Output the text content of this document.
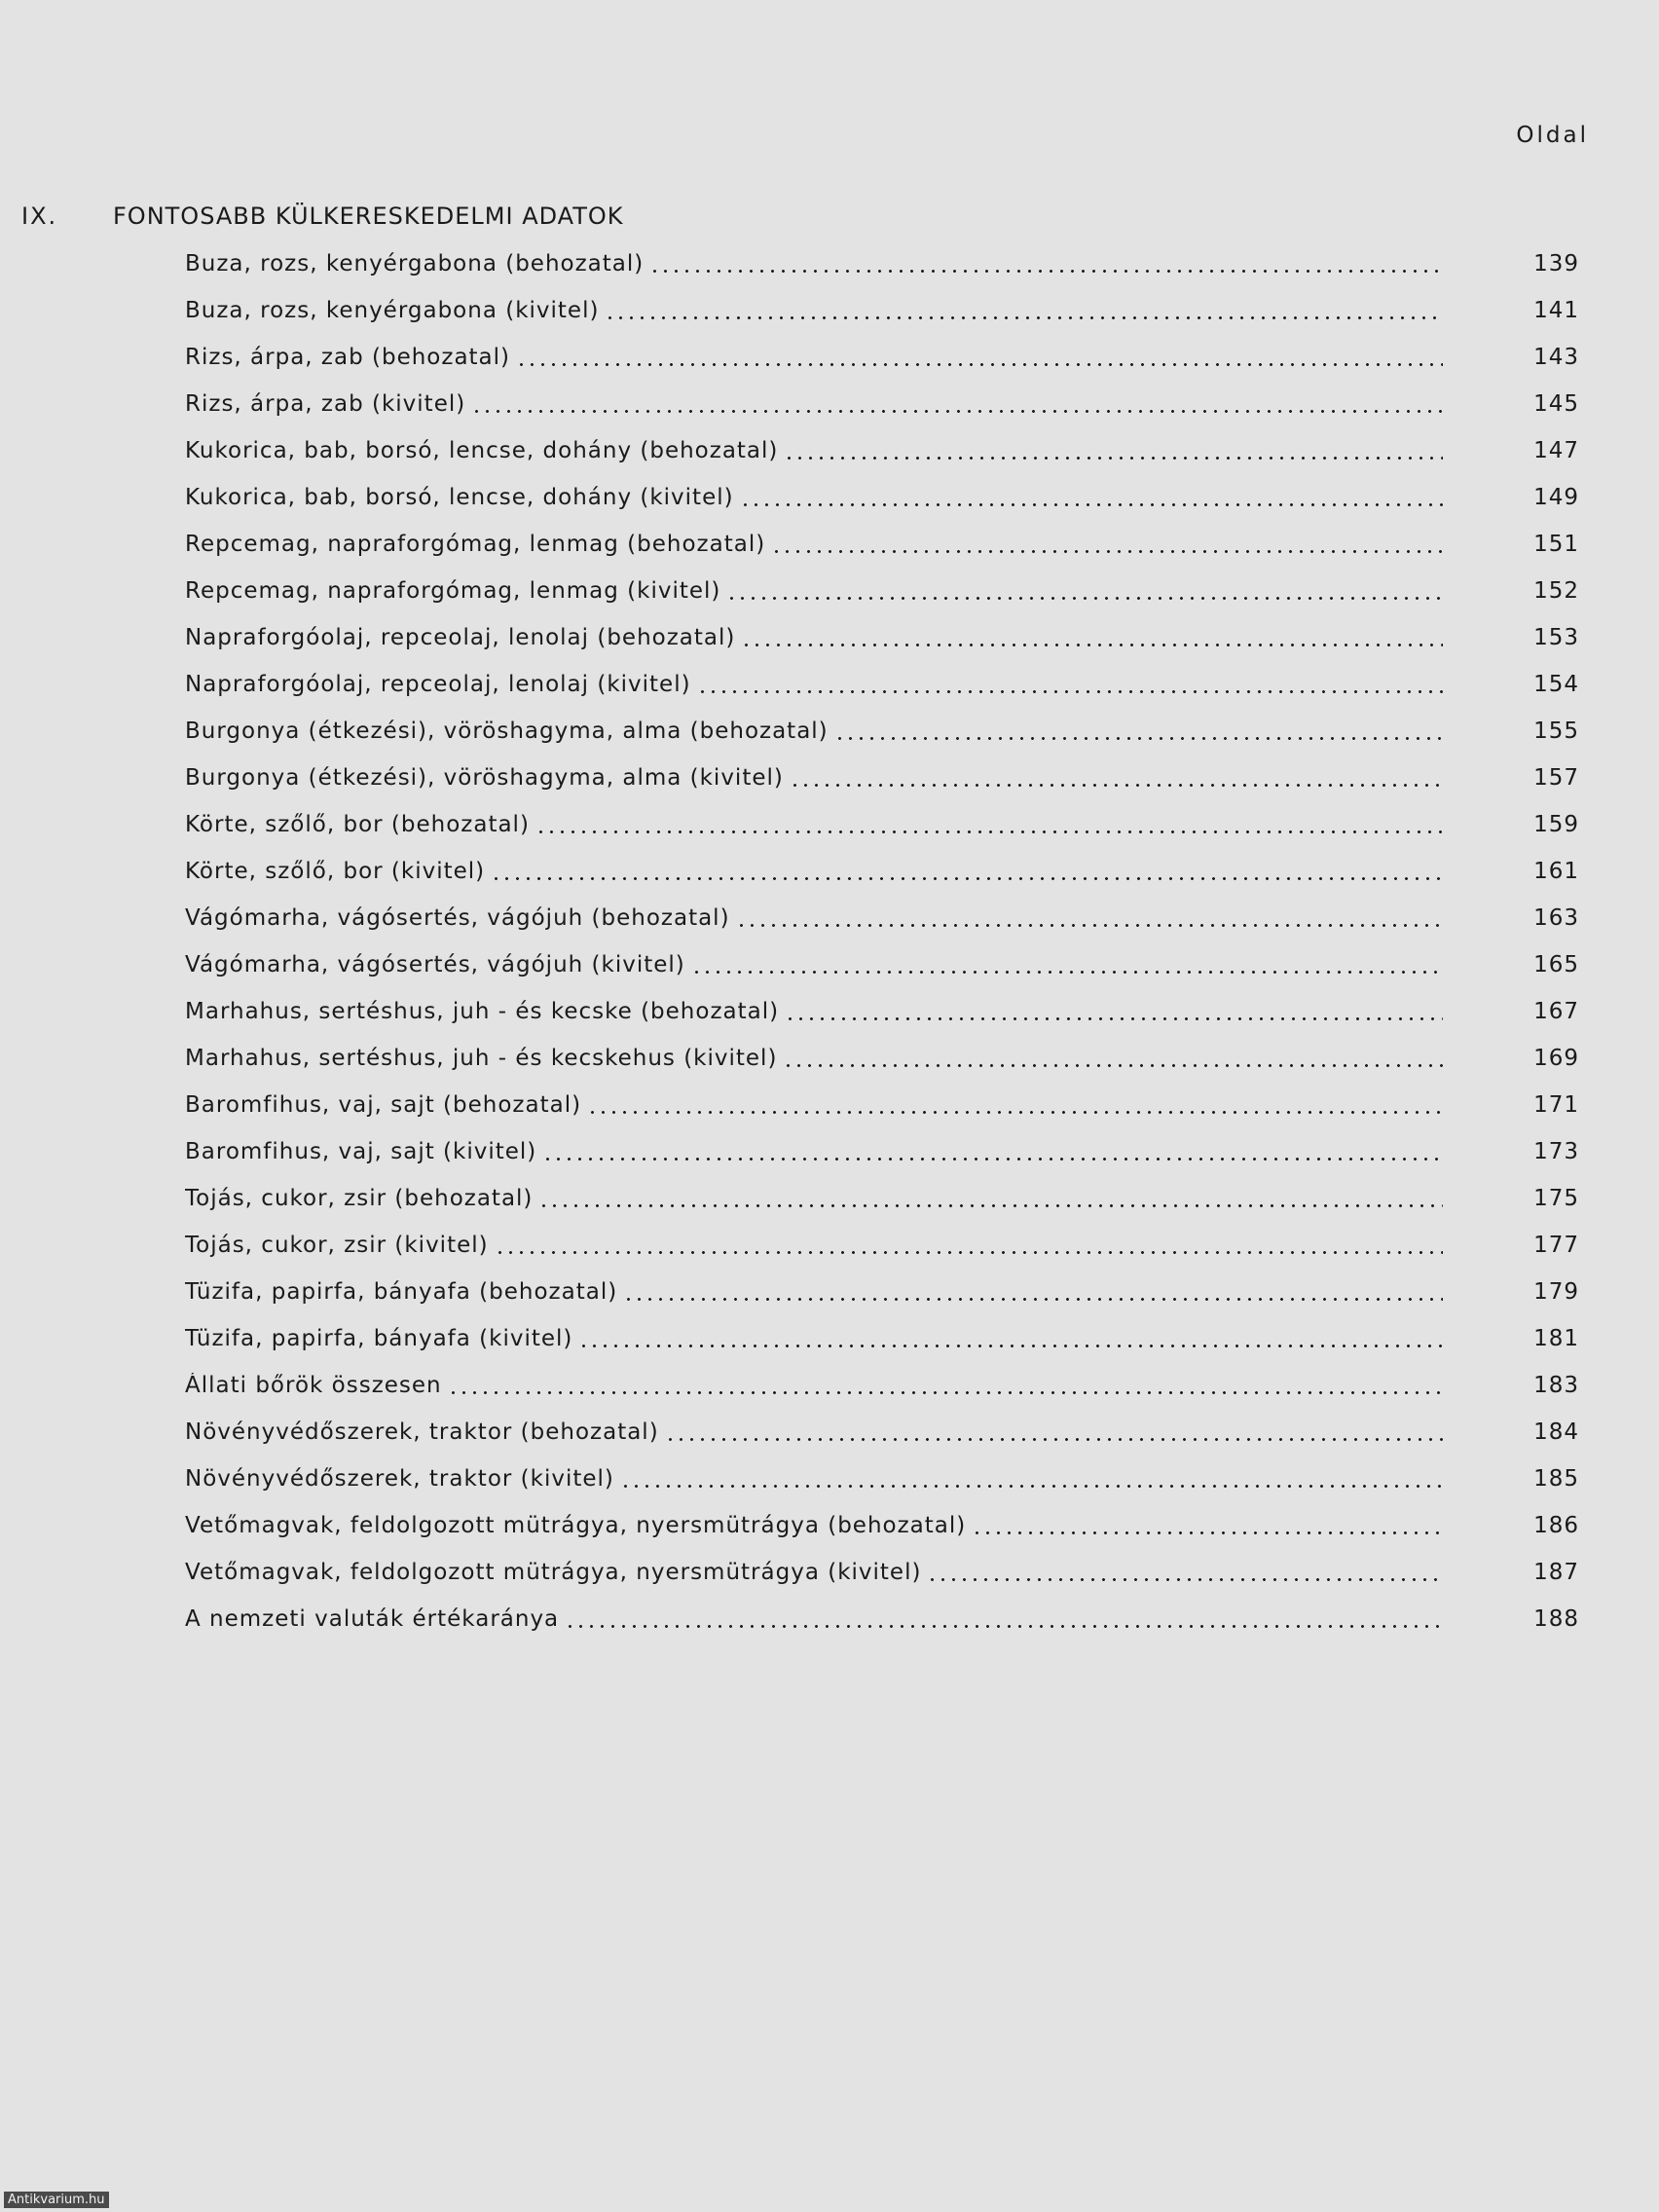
Oldal
IX. FONTOSABB KÜLKERESKEDELMI ADATOK
Buza, rozs, kenyérgabona (behozatal)	139
Buza, rozs, kenyérgabona (kivitel)	141
Rizs, árpa, zab (behozatal)	143
Rizs, árpa, zab (kivitel)	145
Kukorica, bab, borsó, lencse, dohány (behozatal)	147
Kukorica, bab, borsó, lencse, dohány (kivitel)	149
Repcemag, napraforgómag, lenmag (behozatal)	151
Repcemag, napraforgómag, lenmag (kivitel)	152
Napraforgóolaj, repceolaj, lenolaj (behozatal)	153
Napraforgóolaj, repceolaj, lenolaj (kivitel)	154
Burgonya (étkezési), vöröshagyma, alma (behozatal)	155
Burgonya (étkezési), vöröshagyma, alma (kivitel)	157
Körte, szőlő, bor (behozatal)	159
Körte, szőlő, bor (kivitel)	161
Vágómarha, vágósertés, vágójuh (behozatal)	163
Vágómarha, vágósertés, vágójuh (kivitel)	165
Marhahus, sertéshus, juh - és kecske (behozatal)	167
Marhahus, sertéshus, juh - és kecskehus (kivitel)	169
Baromfihus, vaj, sajt (behozatal)	171
Baromfihus, vaj, sajt (kivitel)	173
Tojás, cukor, zsir (behozatal)	175
Tojás, cukor, zsir (kivitel)	177
Tüzifa, papirfa, bányafa (behozatal)	179
Tüzifa, papirfa, bányafa (kivitel)	181
Állati bőrök összesen	183
Növényvédőszerek, traktor (behozatal)	184
Növényvédőszerek, traktor (kivitel)	185
Vetőmagvak, feldolgozott mütrágya, nyersmütrágya (behozatal)	186
Vetőmagvak, feldolgozott mütrágya, nyersmütrágya (kivitel)	187
A nemzeti valuták értékaránya	188
Antikvarium.hu
